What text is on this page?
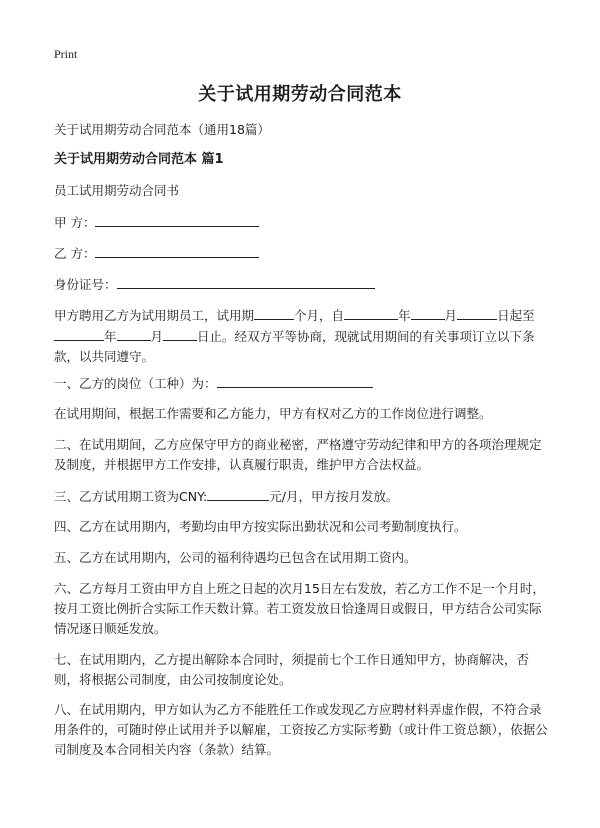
Print
关于试用期劳动合同范本
关于试用期劳动合同范本（通用18篇）
关于试用期劳动合同范本 篇1
员工试用期劳动合同书
甲 方：
乙 方：
身份证号：
甲方聘用乙方为试用期员工，试用期	个月，自	年	月	日起至年	月	日止。经双方平等协商，现就试用期间的有关事项订立以下条款，以共同遵守。
一、乙方的岗位（工种）为：
在试用期间，根据工作需要和乙方能力，甲方有权对乙方的工作岗位进行调整。
二、在试用期间，乙方应保守甲方的商业秘密，严格遵守劳动纪律和甲方的各项治理规定及制度，并根据甲方工作安排，认真履行职责，维护甲方合法权益。
三、乙方试用期工资为CNY:	元/月，甲方按月发放。
四、乙方在试用期内，考勤均由甲方按实际出勤状况和公司考勤制度执行。
五、乙方在试用期内，公司的福利待遇均已包含在试用期工资内。
六、乙方每月工资由甲方自上班之日起的次月15日左右发放，若乙方工作不足一个月时，按月工资比例折合实际工作天数计算。若工资发放日恰逢周日或假日，甲方结合公司实际情况逐日顺延发放。
七、在试用期内，乙方提出解除本合同时，须提前七个工作日通知甲方，协商解决，否则，将根据公司制度，由公司按制度论处。
八、在试用期内，甲方如认为乙方不能胜任工作或发现乙方应聘材料弄虚作假，不符合录用条件的，可随时停止试用并予以解雇，工资按乙方实际考勤（或计件工资总额），依据公司制度及本合同相关内容（条款）结算。
